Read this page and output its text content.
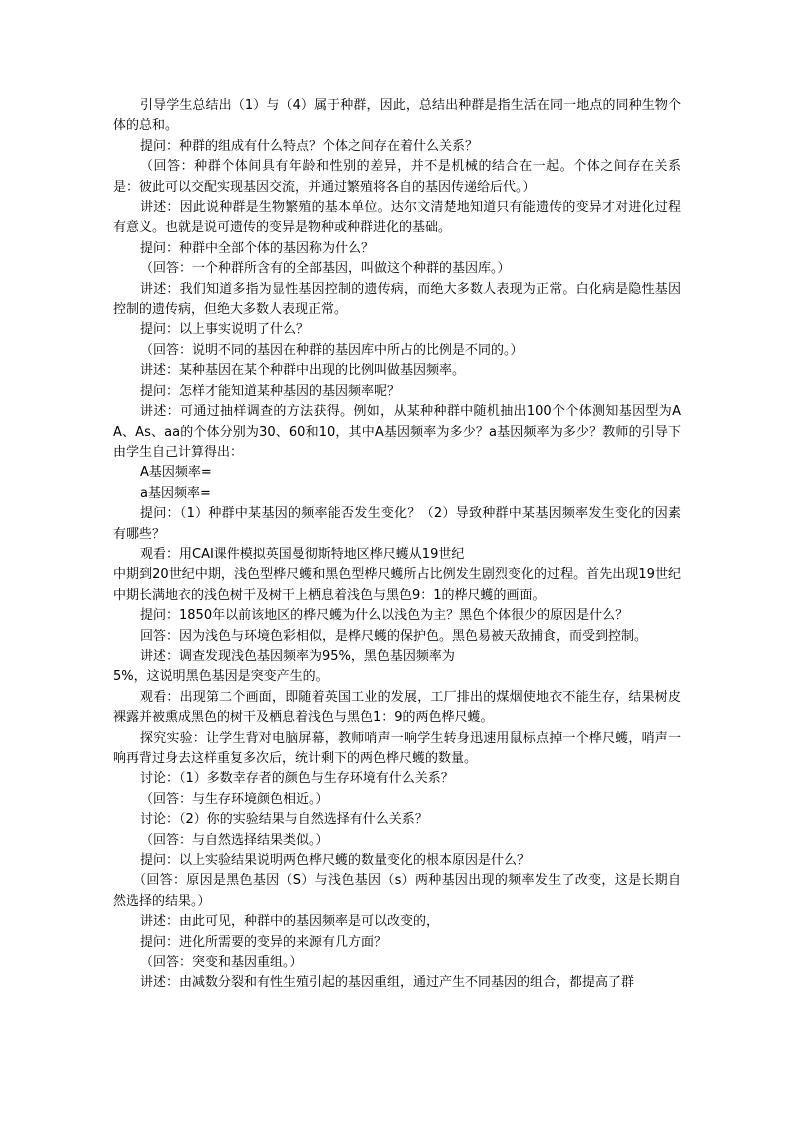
引导学生总结出（1）与（4）属于种群，因此，总结出种群是指生活在同一地点的同种生物个体的总和。

提问：种群的组成有什么特点？个体之间存在着什么关系？

（回答：种群个体间具有年龄和性别的差异，并不是机械的结合在一起。个体之间存在关系是：彼此可以交配实现基因交流，并通过繁殖将各自的基因传递给后代。）

讲述：因此说种群是生物繁殖的基本单位。达尔文清楚地知道只有能遗传的变异才对进化过程有意义。也就是说可遗传的变异是物种或种群进化的基础。

提问：种群中全部个体的基因称为什么？

（回答：一个种群所含有的全部基因，叫做这个种群的基因库。）

讲述：我们知道多指为显性基因控制的遗传病，而绝大多数人表现为正常。白化病是隐性基因控制的遗传病，但绝大多数人表现正常。

提问：以上事实说明了什么？

（回答：说明不同的基因在种群的基因库中所占的比例是不同的。）

讲述：某种基因在某个种群中出现的比例叫做基因频率。

提问：怎样才能知道某种基因的基因频率呢？

讲述：可通过抽样调查的方法获得。例如，从某种种群中随机抽出100个个体测知基因型为AA、As、aa的个体分别为30、60和10，其中A基因频率为多少？a基因频率为多少？教师的引导下由学生自己计算得出：

A基因频率=

a基因频率=

提问：（1）种群中某基因的频率能否发生变化？（2）导致种群中某基因频率发生变化的因素有哪些？

观看：用CAI课件模拟英国曼彻斯特地区桦尺蠖从19世纪

中期到20世纪中期，浅色型桦尺蠖和黑色型桦尺蠖所占比例发生剧烈变化的过程。首先出现19世纪中期长满地衣的浅色树干及树干上栖息着浅色与黑色9：1的桦尺蠖的画面。

提问：1850年以前该地区的桦尺蠖为什么以浅色为主？黑色个体很少的原因是什么？

回答：因为浅色与环境色彩相似，是桦尺蠖的保护色。黑色易被天敌捕食，而受到控制。

讲述：调查发现浅色基因频率为95%，黑色基因频率为

5%，这说明黑色基因是突变产生的。

观看：出现第二个画面，即随着英国工业的发展，工厂排出的煤烟使地衣不能生存，结果树皮裸露并被熏成黑色的树干及栖息着浅色与黑色1：9的两色桦尺蠖。

探究实验：让学生背对电脑屏幕，教师哨声一响学生转身迅速用鼠标点掉一个桦尺蠖，哨声一响再背过身去这样重复多次后，统计剩下的两色桦尺蠖的数量。

讨论：（1）多数幸存者的颜色与生存环境有什么关系？

（回答：与生存环境颜色相近。）

讨论：（2）你的实验结果与自然选择有什么关系？

（回答：与自然选择结果类似。）

提问：以上实验结果说明两色桦尺蠖的数量变化的根本原因是什么？

（回答：原因是黑色基因（S）与浅色基因（s）两种基因出现的频率发生了改变，这是长期自然选择的结果。）

讲述：由此可见，种群中的基因频率是可以改变的，

提问：进化所需要的变异的来源有几方面？

（回答：突变和基因重组。）

讲述：由减数分裂和有性生殖引起的基因重组，通过产生不同基因的组合，都提高了群
